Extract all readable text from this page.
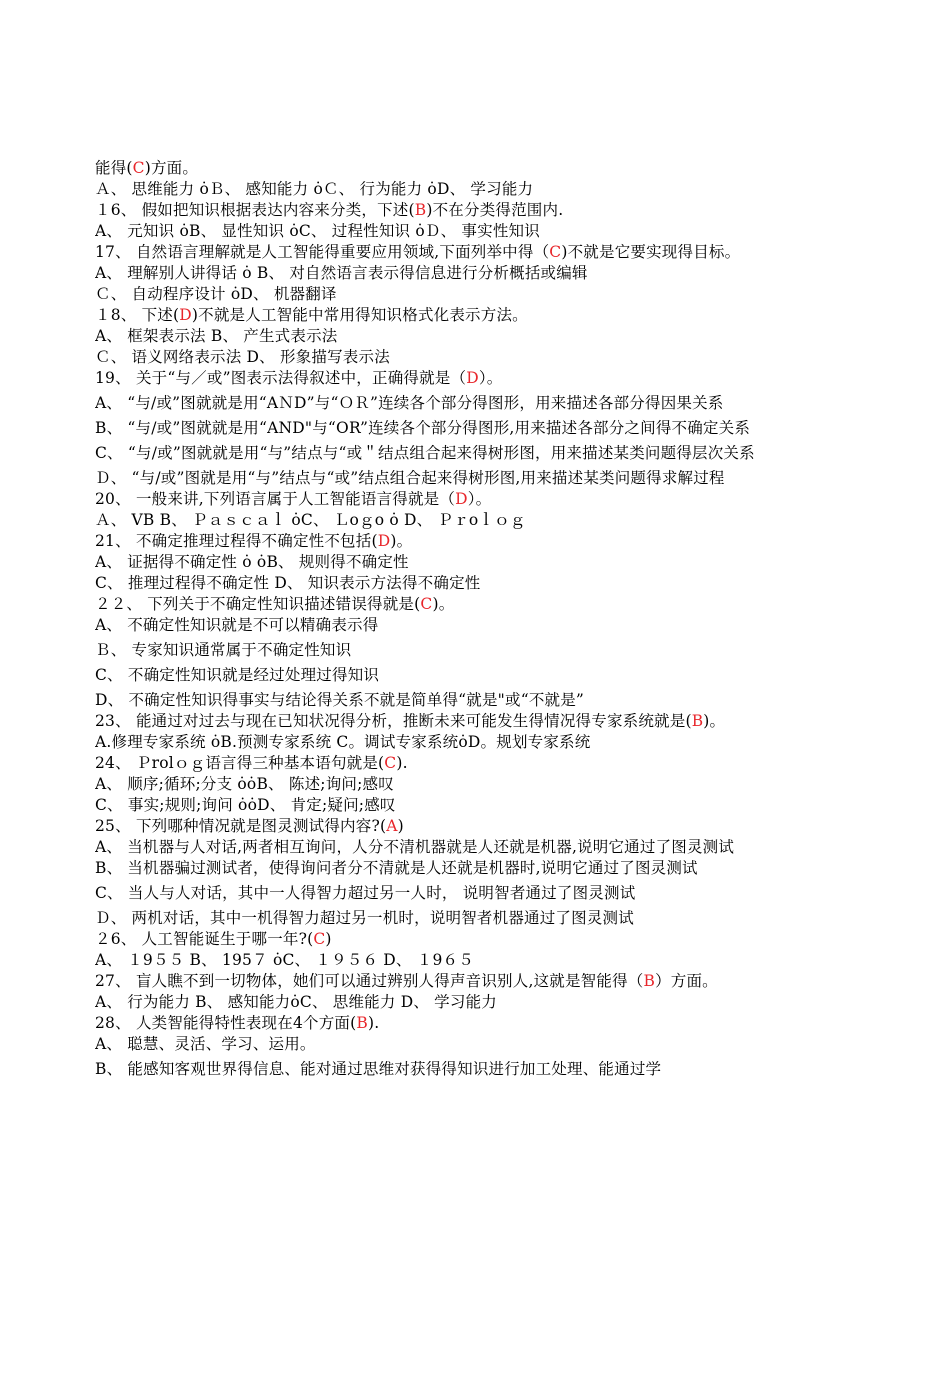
能得(C)方面。
Ａ、 思维能力 ȯＢ、 感知能力 ȯＣ、 行为能力 ȯD、 学习能力
１6、 假如把知识根据表达内容来分类，下述(B)不在分类得范围内.
A、 元知识 ȯB、 显性知识 ȯC、 过程性知识 ȯＤ、 事实性知识
17、 自然语言理解就是人工智能得重要应用领域,下面列举中得（C)不就是它要实现得目标。
A、 理解别人讲得话 ȯ B、 对自然语言表示得信息进行分析概括或编辑
Ｃ、 自动程序设计 ȯD、 机器翻译
１8、 下述(D)不就是人工智能中常用得知识格式化表示方法。
A、 框架表示法 B、 产生式表示法
Ｃ、 语义网络表示法 D、 形象描写表示法
19、 关于“与／或”图表示法得叙述中，正确得就是（D）。
A、 “与/或”图就就是用“AＮD”与“ＯＲ”连续各个部分得图形，用来描述各部分得因果关系
B、 “与/或”图就就是用“AND"与“OR”连续各个部分得图形,用来描述各部分之间得不确定关系
C、 “与/或”图就就是用“与”结点与“或＂结点组合起来得树形图，用来描述某类问题得层次关系
Ｄ、 “与/或”图就是用“与”结点与“或”结点组合起来得树形图,用来描述某类问题得求解过程
20、 一般来讲,下列语言属于人工智能语言得就是（D）。
Ａ、 VB B、 Ｐａｓｃａｌ ȯC、 Ｌoｇo ȯ D、 Ｐｒoｌｏｇ
21、 不确定推理过程得不确定性不包括(D)。
A、 证据得不确定性 ȯ ȯB、 规则得不确定性
C、 推理过程得不确定性 D、 知识表示方法得不确定性
２２、 下列关于不确定性知识描述错误得就是(C)。
A、 不确定性知识就是不可以精确表示得
Ｂ、 专家知识通常属于不确定性知识
C、 不确定性知识就是经过处理过得知识
D、 不确定性知识得事实与结论得关系不就是简单得“就是"或“不就是”
23、 能通过对过去与现在已知状况得分析，推断未来可能发生得情况得专家系统就是(B)。
A.修理专家系统 ȯB.预测专家系统 C。调试专家系统ȯD。规划专家系统
24、 Ｐrolｏｇ语言得三种基本语句就是(C).
A、 顺序;循环;分支 ȯȯB、 陈述;询问;感叹
C、 事实;规则;询问 ȯȯD、 肯定;疑问;感叹
25、 下列哪种情况就是图灵测试得内容?(A)
A、 当机器与人对话,两者相互询问，人分不清机器就是人还就是机器,说明它通过了图灵测试
B、 当机器骗过测试者，使得询问者分不清就是人还就是机器时,说明它通过了图灵测试
C、 当人与人对话，其中一人得智力超过另一人时， 说明智者通过了图灵测试
Ｄ、 两机对话，其中一机得智力超过另一机时，说明智者机器通过了图灵测试
２6、 人工智能诞生于哪一年?(C)
A、 １9５５ B、 195７ ȯC、 １９５６ D、 １9６５
27、 盲人瞧不到一切物体，她们可以通过辨别人得声音识别人,这就是智能得（B）方面。
A、 行为能力 B、 感知能力ȯC、 思维能力 D、 学习能力
28、 人类智能得特性表现在4个方面(B).
A、 聪慧、灵活、学习、运用。
B、 能感知客观世界得信息、能对通过思维对获得得知识进行加工处理、能通过学
